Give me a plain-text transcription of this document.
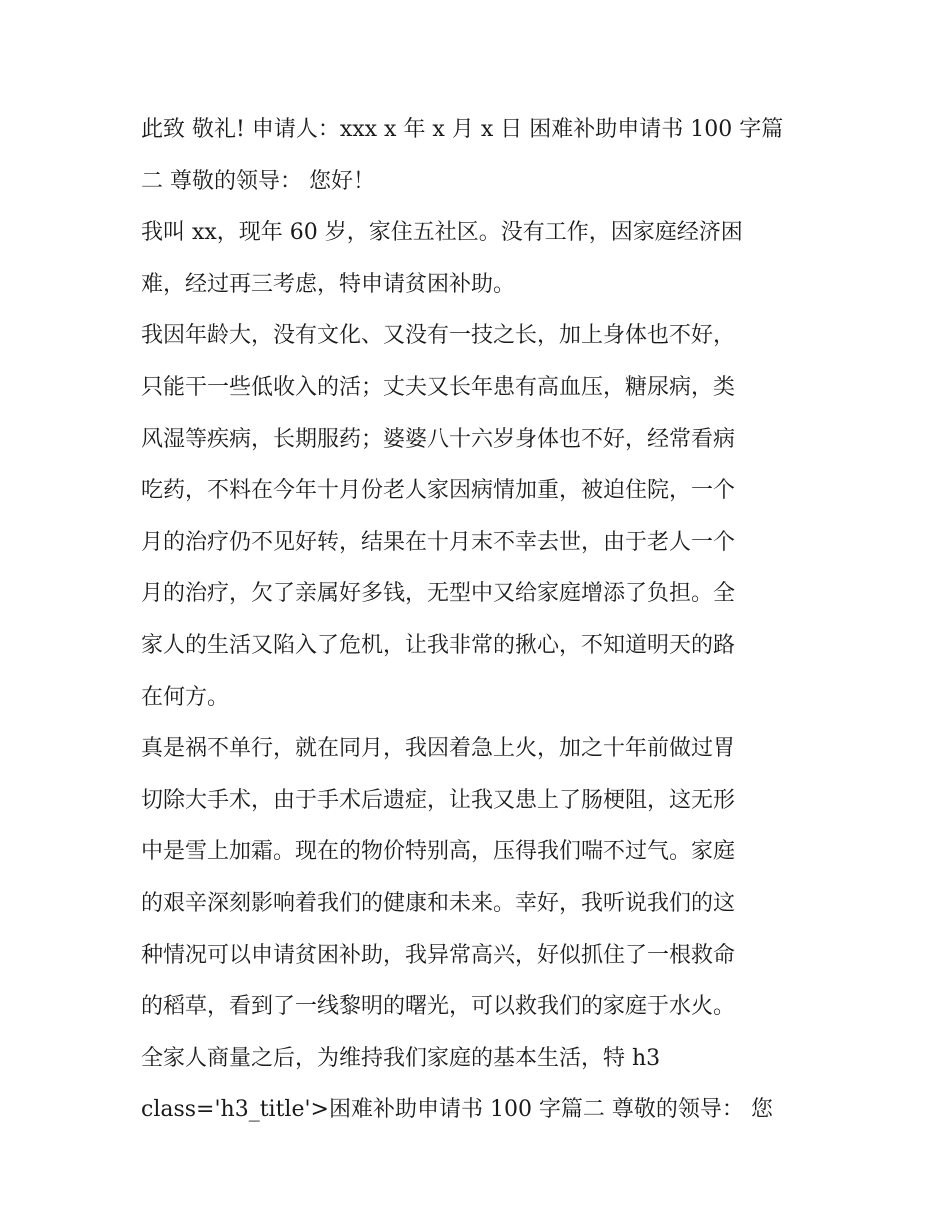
此致 敬礼! 申请人：xxx x 年 x 月 x 日 困难补助申请书 100 字篇
二 尊敬的领导： 您好！
我叫 xx，现年 60 岁，家住五社区。没有工作，因家庭经济困
难，经过再三考虑，特申请贫困补助。
我因年龄大，没有文化、又没有一技之长，加上身体也不好，
只能干一些低收入的活；丈夫又长年患有高血压，糖尿病，类
风湿等疾病，长期服药；婆婆八十六岁身体也不好，经常看病
吃药，不料在今年十月份老人家因病情加重，被迫住院，一个
月的治疗仍不见好转，结果在十月末不幸去世，由于老人一个
月的治疗，欠了亲属好多钱，无型中又给家庭增添了负担。全
家人的生活又陷入了危机，让我非常的揪心，不知道明天的路
在何方。
真是祸不单行，就在同月，我因着急上火，加之十年前做过胃
切除大手术，由于手术后遗症，让我又患上了肠梗阻，这无形
中是雪上加霜。现在的物价特别高，压得我们喘不过气。家庭
的艰辛深刻影响着我们的健康和未来。幸好，我听说我们的这
种情况可以申请贫困补助，我异常高兴，好似抓住了一根救命
的稻草，看到了一线黎明的曙光，可以救我们的家庭于水火。
全家人商量之后，为维持我们家庭的基本生活，特 h3
class='h3_title'>困难补助申请书 100 字篇二 尊敬的领导： 您
